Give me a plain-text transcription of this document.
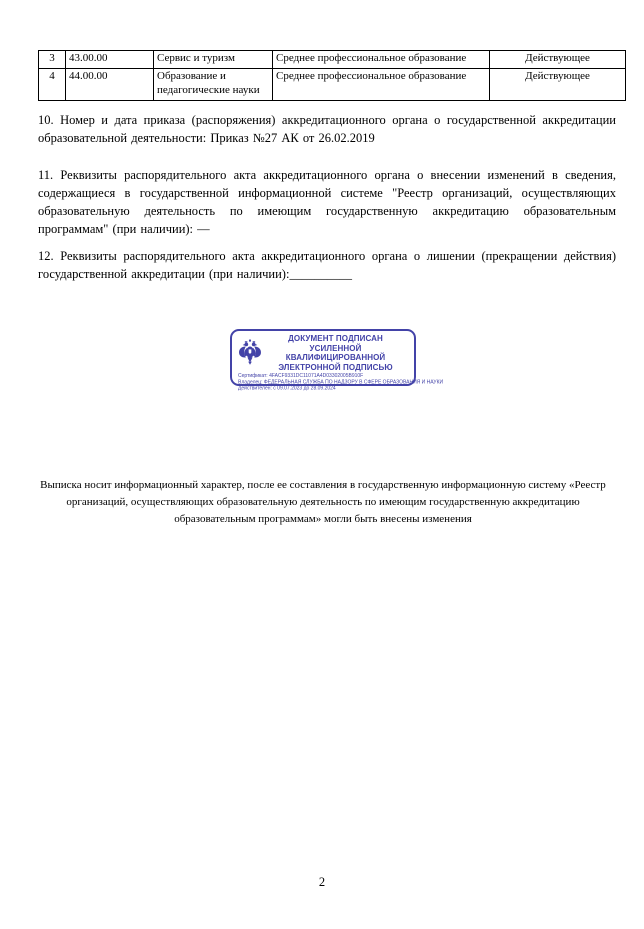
3	43.00.00	Сервис и туризм	Среднее профессиональное образование	Действующее
4	44.00.00	Образование и педагогические науки	Среднее профессиональное образование	Действующее
10. Номер и дата приказа (распоряжения) аккредитационного органа о государственной аккредитации образовательной деятельности: Приказ №27 АК от 26.02.2019
11. Реквизиты распорядительного акта аккредитационного органа о внесении изменений в сведения, содержащиеся в государственной информационной системе "Реестр организаций, осуществляющих образовательную деятельность по имеющим государственную аккредитацию образовательным программам" (при наличии): —
12. Реквизиты распорядительного акта аккредитационного органа о лишении (прекращении действия) государственной аккредитации (при наличии):__________
ДОКУМЕНТ ПОДПИСАН
УСИЛЕННОЙ КВАЛИФИЦИРОВАННОЙ
ЭЛЕКТРОННОЙ ПОДПИСЬЮ
Сертификат: 4FACF9331DC11071A4D03302005B910F
Владелец: ФЕДЕРАЛЬНАЯ СЛУЖБА ПО НАДЗОРУ В СФЕРЕ ОБРАЗОВАНИЯ И НАУКИ
Действителен: с 09.07.2023 до 28.09.2024
Выписка носит информационный характер, после ее составления в государственную информационную систему «Реестр организаций, осуществляющих образовательную деятельность по имеющим государственную аккредитацию образовательным программам» могли быть внесены изменения
2
